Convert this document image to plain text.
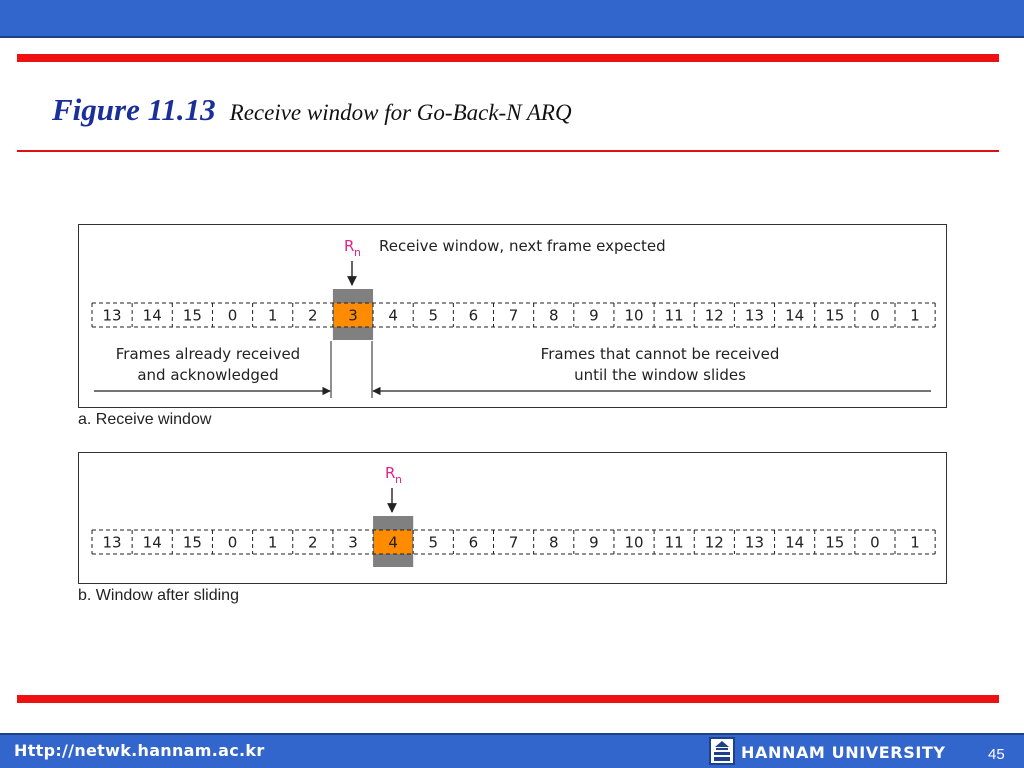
Figure 11.13 Receive window for Go-Back-N ARQ
a. Receive window
b. Window after sliding
13 14 15 0 1 2 3 4 5 6 7 8 9 10 11 12 13 14 15 0 1
R n Receive window, next frame expected
Frames already received
and acknowledged
Frames that cannot be received
until the window slides
13 14 15 0 1 2 3 4 5 6 7 8 9 10 11 12 13 14 15 0 1
R n
Http://netwk.hannam.ac.kr	HANNAM UNIVERSITY	45
